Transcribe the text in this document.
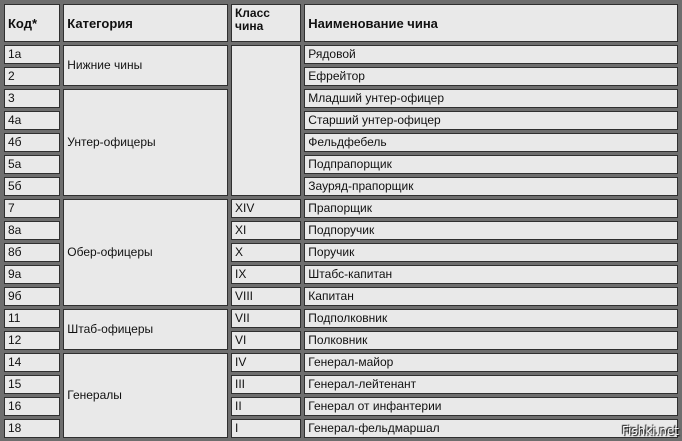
Код*	Категория	Класс чина	Наименование чина
1а	Нижние чины		Рядовой
2			Ефрейтор
3	Унтер-офицеры		Младший унтер-офицер
4а			Старший унтер-офицер
4б			Фельдфебель
5а			Подпрапорщик
5б			Зауряд-прапорщик
7	Обер-офицеры	XIV	Прапорщик
8а		XI	Подпоручик
8б		X	Поручик
9а		IX	Штабс-капитан
9б		VIII	Капитан
11	Штаб-офицеры	VII	Подполковник
12		VI	Полковник
14	Генералы	IV	Генерал-майор
15		III	Генерал-лейтенант
16		II	Генерал от инфантерии
18		I	Генерал-фельдмаршал	Fishki.net
